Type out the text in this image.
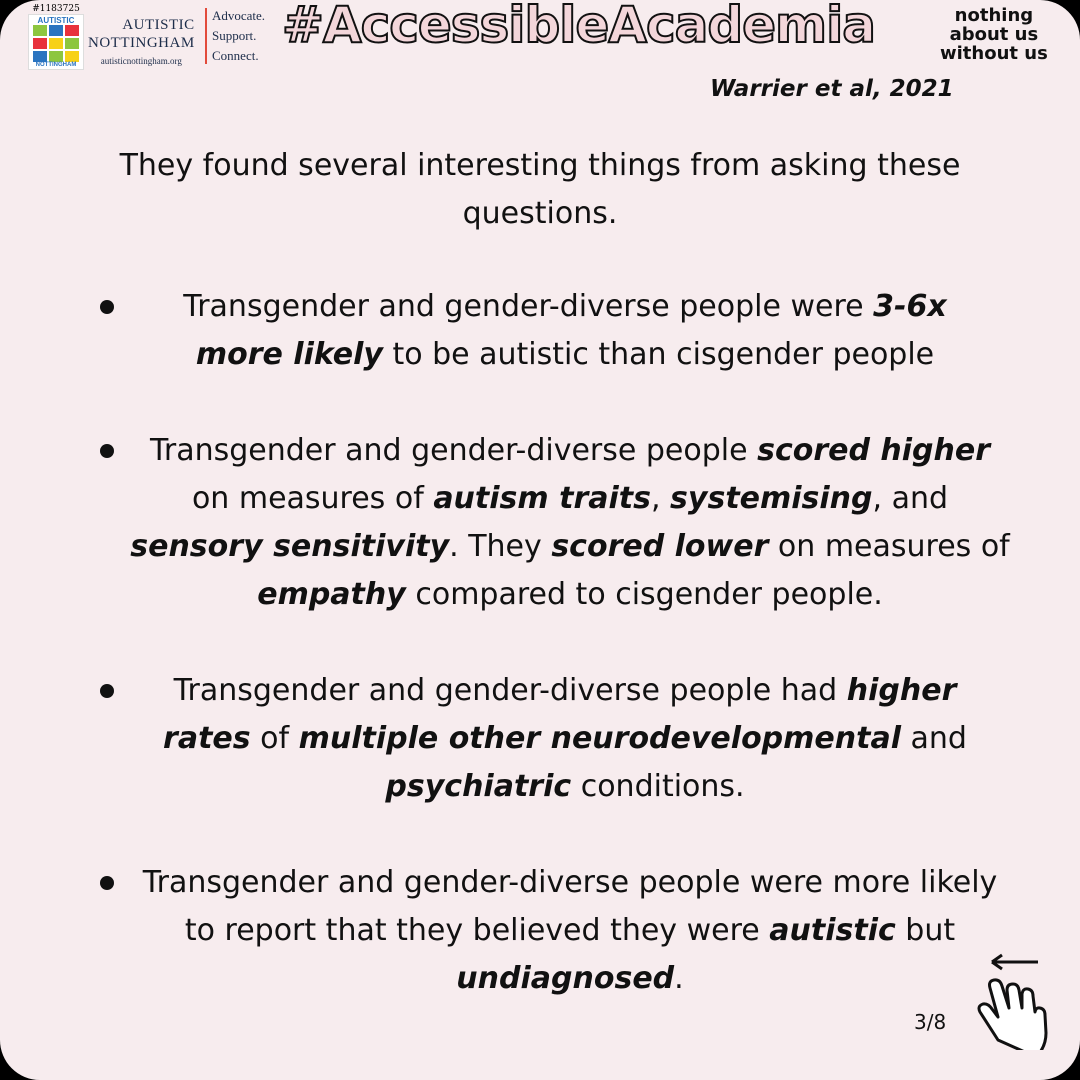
#1183725
AUTISTIC
NOTTINGHAM
AUTISTIC
NOTTINGHAM
autisticnottingham.org
Advocate.
Support.
Connect.
#AccessibleAcademia	nothing
about us
without us
Warrier et al, 2021
They found several interesting things from asking these questions.
Transgender and gender-diverse people were 3-6x more likely to be autistic than cisgender people
Transgender and gender-diverse people scored higher on measures of autism traits, systemising, and sensory sensitivity. They scored lower on measures of empathy compared to cisgender people.
Transgender and gender-diverse people had higher rates of multiple other neurodevelopmental and psychiatric conditions.
Transgender and gender-diverse people were more likely to report that they believed they were autistic but undiagnosed.
3/8
